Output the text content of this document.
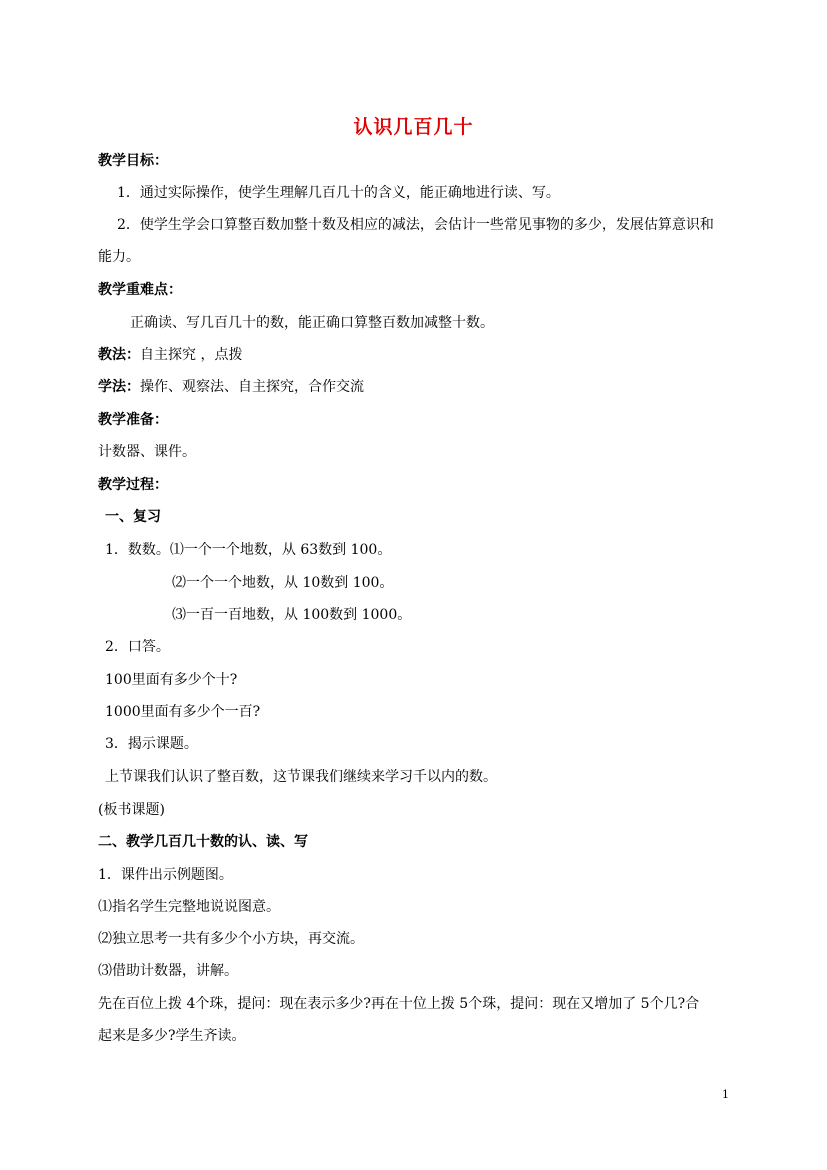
认识几百几十
教学目标：
1．通过实际操作，使学生理解几百几十的含义，能正确地进行读、写。
2．使学生学会口算整百数加整十数及相应的减法，会估计一些常见事物的多少，发展估算意识和
能力。
教学重难点：
正确读、写几百几十的数，能正确口算整百数加减整十数。
教法：自主探究 ，点拨
学法：操作、观察法、自主探究，合作交流
教学准备：
计数器、课件。
教学过程：
一、复习
1．数数。⑴一个一个地数，从 63数到 100。
⑵一个一个地数，从 10数到 100。
⑶一百一百地数，从 100数到 1000。
2．口答。
100里面有多少个十?
1000里面有多少个一百?
3．揭示课题。
上节课我们认识了整百数，这节课我们继续来学习千以内的数。
(板书课题)
二、教学几百几十数的认、读、写
1．课件出示例题图。
⑴指名学生完整地说说图意。
⑵独立思考一共有多少个小方块，再交流。
⑶借助计数器，讲解。
先在百位上拨 4个珠，提问：现在表示多少?再在十位上拨 5个珠，提问：现在又增加了 5个几?合
起来是多少?学生齐读。
1
